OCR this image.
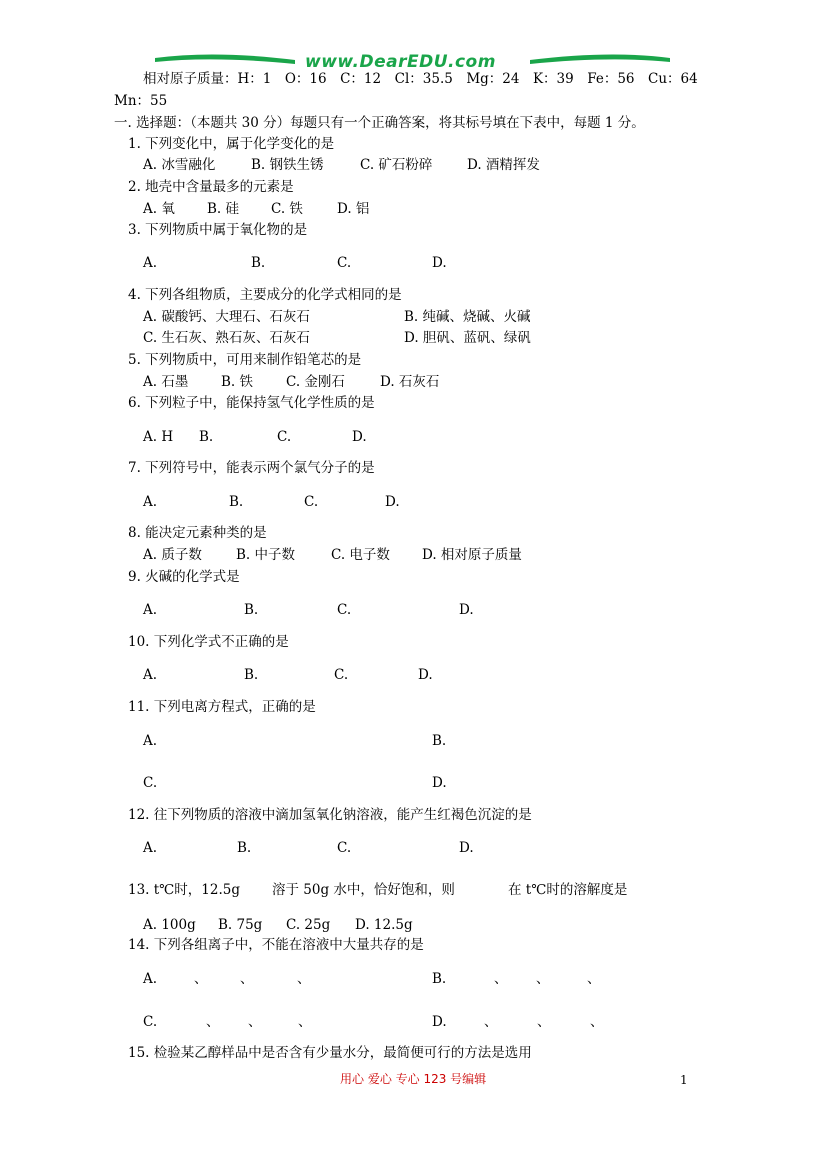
www.DearEDU.com
相对原子质量：H：1　O：16　C：12　Cl：35.5　Mg：24　K：39　Fe：56　Cu：64
Mn：55
一. 选择题：（本题共 30 分）每题只有一个正确答案，将其标号填在下表中，每题 1 分。
1. 下列变化中，属于化学变化的是
A. 冰雪融化	B. 钢铁生锈	C. 矿石粉碎	D. 酒精挥发
2. 地壳中含量最多的元素是
A. 氧 B. 硅 C. 铁	D. 铝
3. 下列物质中属于氧化物的是
A.	B.	C.	D.
4. 下列各组物质，主要成分的化学式相同的是
A. 碳酸钙、大理石、石灰石	B. 纯碱、烧碱、火碱
C. 生石灰、熟石灰、石灰石	D. 胆矾、蓝矾、绿矾
5. 下列物质中，可用来制作铅笔芯的是
A. 石墨 B. 铁 C. 金刚石	D. 石灰石
6. 下列粒子中，能保持氢气化学性质的是
A. H B.	C.	D.
7. 下列符号中，能表示两个氯气分子的是
A.	B.	C.	D.
8. 能决定元素种类的是
A. 质子数	B. 中子数	C. 电子数 D. 相对原子质量
9. 火碱的化学式是
A.	B.	C.	D.
10. 下列化学式不正确的是
A.	B.	C.	D.
11. 下列电离方程式，正确的是
A.	B.
C.	D.
12. 往下列物质的溶液中滴加氢氧化钠溶液，能产生红褐色沉淀的是
A.	B.	C.	D.
13. t℃时，12.5g 溶于 50g 水中，恰好饱和，则	在 t℃时的溶解度是
A. 100g B. 75g C. 25g D. 12.5g
14. 下列各组离子中，不能在溶液中大量共存的是
A.	、 、	、	B.	、 、	、
C.	、 、	、	D.	、	、	、
15. 检验某乙醇样品中是否含有少量水分，最简便可行的方法是选用
用心 爱心 专心 123 号编辑	1
